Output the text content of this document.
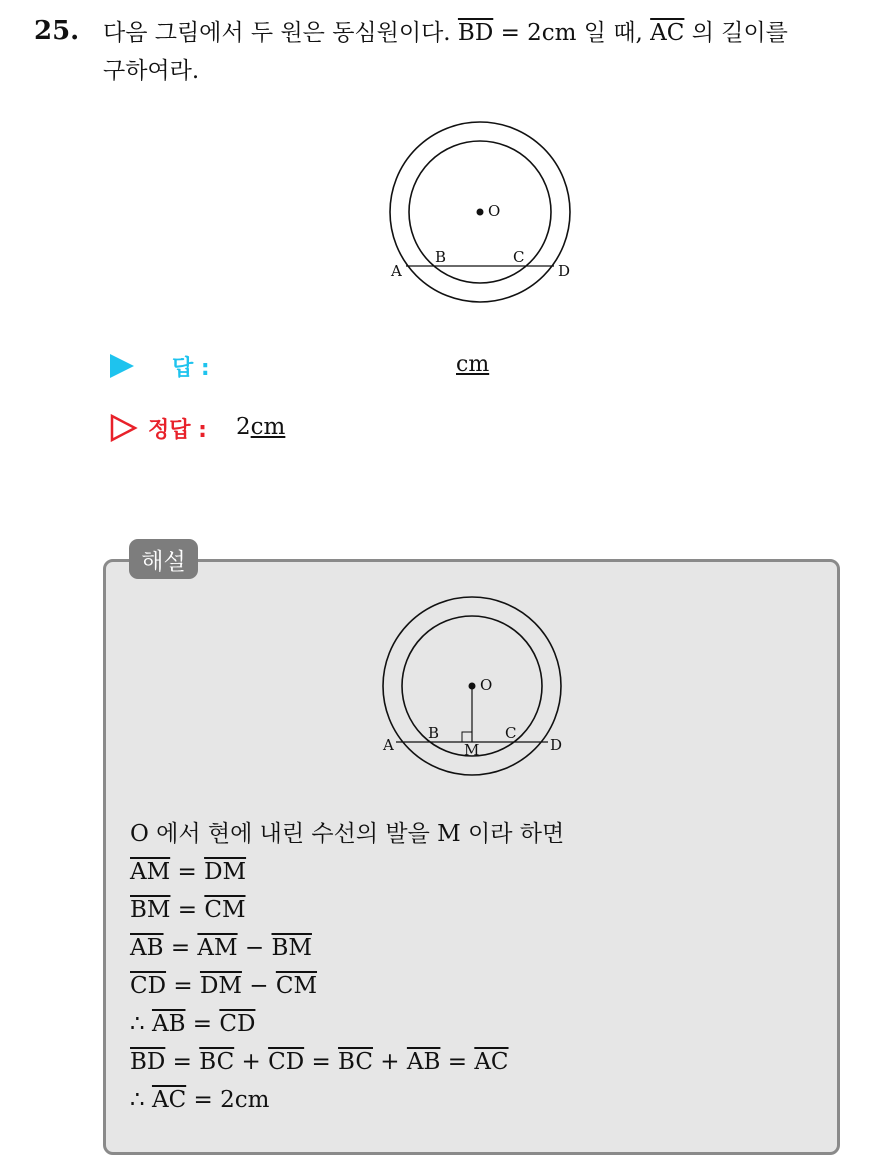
25. 다음 그림에서 두 원은 동심원이다. $\overline{BD} = 2cm$ 일 때, $\overline{AC}$ 의 길이를
구하여라.
O
A
B	C
D
답 :	cm
정답 : 2cm
해설
O
A
B
M
C
D
O 에서 현에 내린 수선의 발을 M 이라 하면
$\overline{AM} = \overline{DM}$
$\overline{BM} = \overline{CM}$
$\overline{AB} = \overline{AM} - \overline{BM}$
$\overline{CD} = \overline{DM} - \overline{CM}$
∴ $\overline{AB} = \overline{CD}$
$\overline{BD} = \overline{BC} + \overline{CD} = \overline{BC} + \overline{AB} = \overline{AC}$
∴ $\overline{AC} = 2cm$
